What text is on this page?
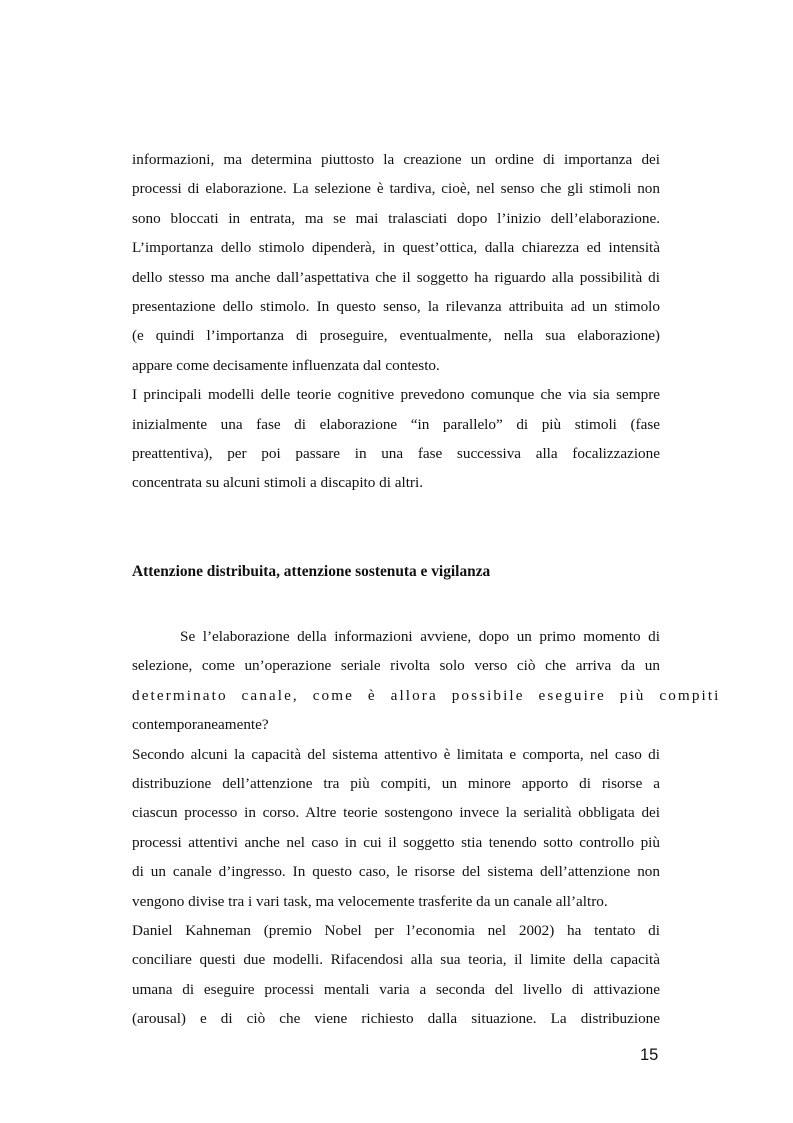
informazioni, ma determina piuttosto la creazione un ordine di importanza dei
processi di elaborazione. La selezione è tardiva, cioè, nel senso che gli stimoli non
sono bloccati in entrata, ma se mai tralasciati dopo l’inizio dell’elaborazione.
L’importanza dello stimolo dipenderà, in quest’ottica, dalla chiarezza ed intensità
dello stesso ma anche dall’aspettativa che il soggetto ha riguardo alla possibilità di
presentazione dello stimolo. In questo senso, la rilevanza attribuita ad un stimolo
(e quindi l’importanza di proseguire, eventualmente, nella sua elaborazione)
appare come decisamente influenzata dal contesto.
I principali modelli delle teorie cognitive prevedono comunque che via sia sempre
inizialmente una fase di elaborazione “in parallelo” di più stimoli (fase
preattentiva), per poi passare in una fase successiva alla focalizzazione
concentrata su alcuni stimoli a discapito di altri.
Attenzione distribuita, attenzione sostenuta e vigilanza
Se l’elaborazione della informazioni avviene, dopo un primo momento di
selezione, come un’operazione seriale rivolta solo verso ciò che arriva da un
determinato canale, come è allora possibile eseguire più compiti
contemporaneamente?
Secondo alcuni la capacità del sistema attentivo è limitata e comporta, nel caso di
distribuzione dell’attenzione tra più compiti, un minore apporto di risorse a
ciascun processo in corso. Altre teorie sostengono invece la serialità obbligata dei
processi attentivi anche nel caso in cui il soggetto stia tenendo sotto controllo più
di un canale d’ingresso. In questo caso, le risorse del sistema dell’attenzione non
vengono divise tra i vari task, ma velocemente trasferite da un canale all’altro.
Daniel Kahneman (premio Nobel per l’economia nel 2002) ha tentato di
conciliare questi due modelli. Rifacendosi alla sua teoria, il limite della capacità
umana di eseguire processi mentali varia a seconda del livello di attivazione
(arousal) e di ciò che viene richiesto dalla situazione. La distribuzione
15
